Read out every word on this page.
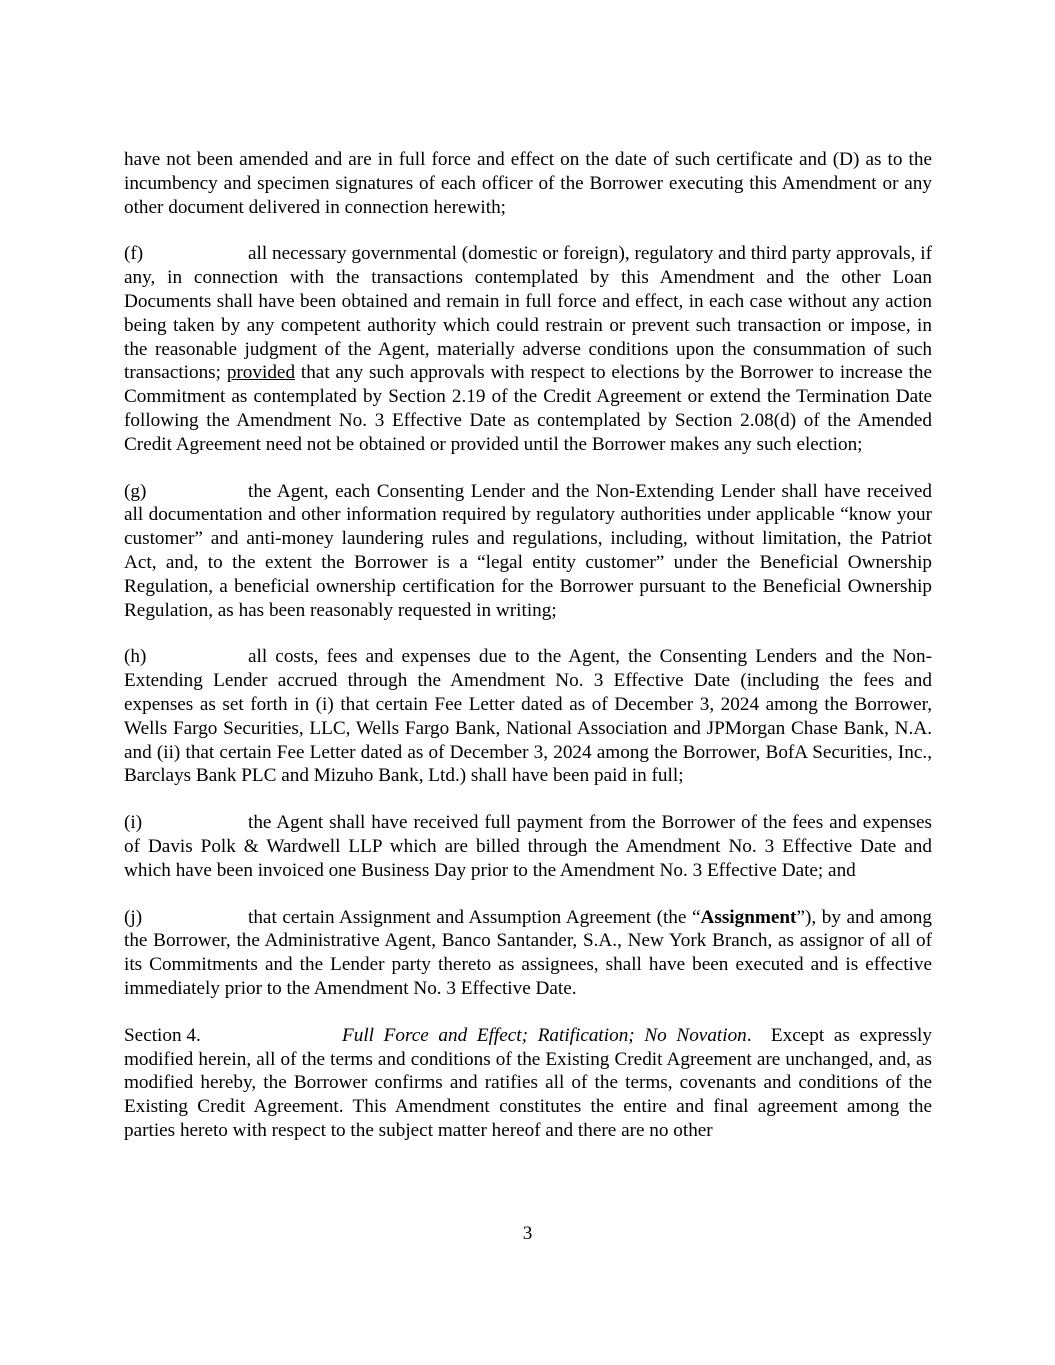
have not been amended and are in full force and effect on the date of such certificate and (D) as to the incumbency and specimen signatures of each officer of the Borrower executing this Amendment or any other document delivered in connection herewith;

(f)	all necessary governmental (domestic or foreign), regulatory and third party approvals, if any, in connection with the transactions contemplated by this Amendment and the other Loan Documents shall have been obtained and remain in full force and effect, in each case without any action being taken by any competent authority which could restrain or prevent such transaction or impose, in the reasonable judgment of the Agent, materially adverse conditions upon the consummation of such transactions; provided that any such approvals with respect to elections by the Borrower to increase the Commitment as contemplated by Section 2.19 of the Credit Agreement or extend the Termination Date following the Amendment No. 3 Effective Date as contemplated by Section 2.08(d) of the Amended Credit Agreement need not be obtained or provided until the Borrower makes any such election;

(g)	the Agent, each Consenting Lender and the Non-Extending Lender shall have received all documentation and other information required by regulatory authorities under applicable “know your customer” and anti-money laundering rules and regulations, including, without limitation, the Patriot Act, and, to the extent the Borrower is a “legal entity customer” under the Beneficial Ownership Regulation, a beneficial ownership certification for the Borrower pursuant to the Beneficial Ownership Regulation, as has been reasonably requested in writing;

(h)	all costs, fees and expenses due to the Agent, the Consenting Lenders and the Non-Extending Lender accrued through the Amendment No. 3 Effective Date (including the fees and expenses as set forth in (i) that certain Fee Letter dated as of December 3, 2024 among the Borrower, Wells Fargo Securities, LLC, Wells Fargo Bank, National Association and JPMorgan Chase Bank, N.A. and (ii) that certain Fee Letter dated as of December 3, 2024 among the Borrower, BofA Securities, Inc., Barclays Bank PLC and Mizuho Bank, Ltd.) shall have been paid in full;

(i)	the Agent shall have received full payment from the Borrower of the fees and expenses of Davis Polk & Wardwell LLP which are billed through the Amendment No. 3 Effective Date and which have been invoiced one Business Day prior to the Amendment No. 3 Effective Date; and

(j)	that certain Assignment and Assumption Agreement (the “Assignment”), by and among the Borrower, the Administrative Agent, Banco Santander, S.A., New York Branch, as assignor of all of its Commitments and the Lender party thereto as assignees, shall have been executed and is effective immediately prior to the Amendment No. 3 Effective Date.

Section 4.	Full Force and Effect; Ratification; No Novation.  Except as expressly modified herein, all of the terms and conditions of the Existing Credit Agreement are unchanged, and, as modified hereby, the Borrower confirms and ratifies all of the terms, covenants and conditions of the Existing Credit Agreement. This Amendment constitutes the entire and final agreement among the parties hereto with respect to the subject matter hereof and there are no other

3
